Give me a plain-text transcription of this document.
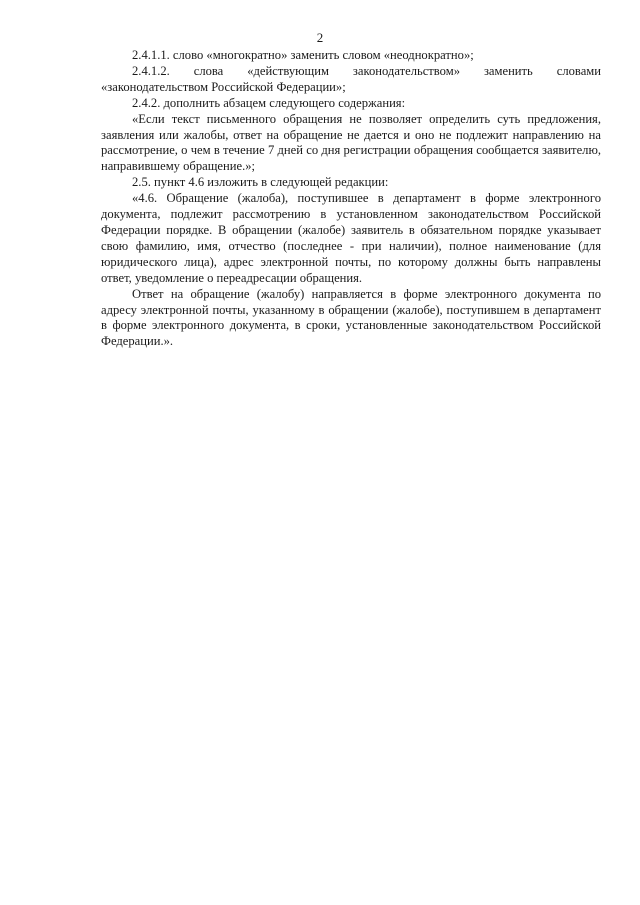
2

2.4.1.1. слово «многократно» заменить словом «неоднократно»;

2.4.1.2. слова «действующим законодательством» заменить словами «законодательством Российской Федерации»;

2.4.2. дополнить абзацем следующего содержания:

«Если текст письменного обращения не позволяет определить суть предложения, заявления или жалобы, ответ на обращение не дается и оно не подлежит направлению на рассмотрение, о чем в течение 7 дней со дня регистрации обращения сообщается заявителю, направившему обращение.»;

2.5. пункт 4.6 изложить в следующей редакции:

«4.6. Обращение (жалоба), поступившее в департамент в форме электронного документа, подлежит рассмотрению в установленном законодательством Российской Федерации порядке. В обращении (жалобе) заявитель в обязательном порядке указывает свою фамилию, имя, отчество (последнее - при наличии), полное наименование (для юридического лица), адрес электронной почты, по которому должны быть направлены ответ, уведомление о переадресации обращения.

Ответ на обращение (жалобу) направляется в форме электронного документа по адресу электронной почты, указанному в обращении (жалобе), поступившем в департамент в форме электронного документа, в сроки, установленные законодательством Российской Федерации.».
